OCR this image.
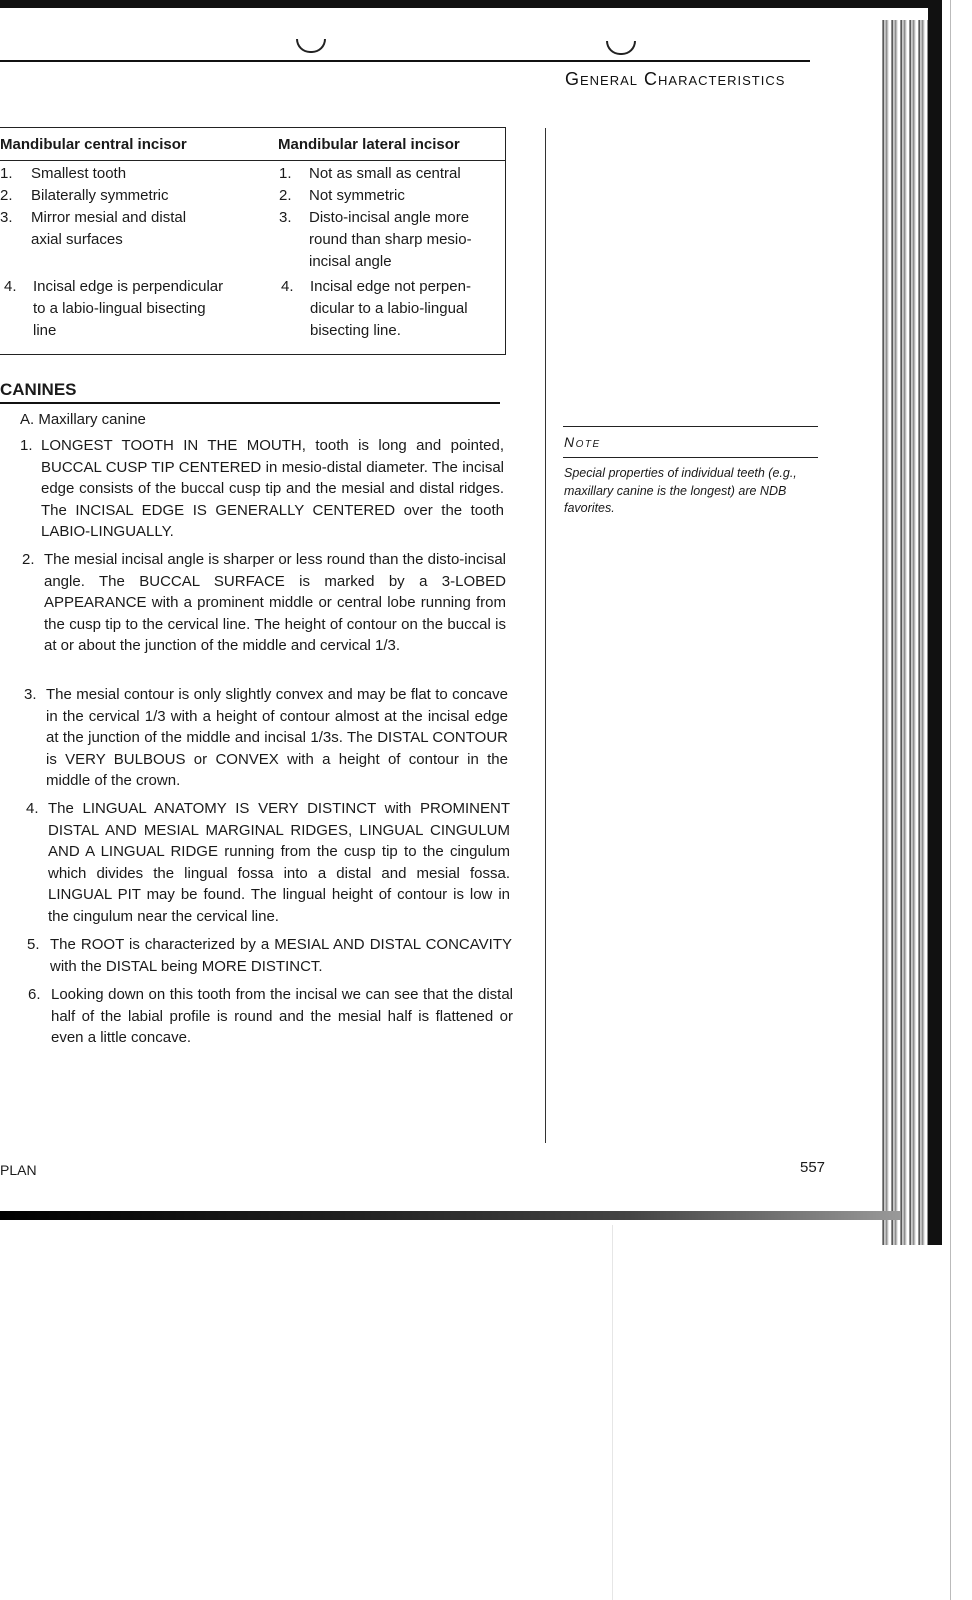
General Characteristics
Mandibular central incisor	Mandibular lateral incisor
1. Smallest tooth
2. Bilaterally symmetric
3. Mirror mesial and distal
axial surfaces
4. Incisal edge is perpendicular
to a labio-lingual bisecting
line
1. Not as small as central
2. Not symmetric
3. Disto-incisal angle more
round than sharp mesio-
incisal angle
4. Incisal edge not perpen-
dicular to a labio-lingual
bisecting line.
CANINES
A. Maxillary canine
1. LONGEST TOOTH IN THE MOUTH, tooth is long and pointed, BUCCAL CUSP TIP CENTERED in mesio-distal diameter. The incisal edge consists of the buccal cusp tip and the mesial and distal ridges. The INCISAL EDGE IS GENERALLY CENTERED over the tooth LABIO-LINGUALLY.
2. The mesial incisal angle is sharper or less round than the disto-incisal angle. The BUCCAL SURFACE is marked by a 3-LOBED APPEARANCE with a prominent middle or central lobe running from the cusp tip to the cervical line. The height of contour on the buccal is at or about the junction of the middle and cervical 1/3.
3. The mesial contour is only slightly convex and may be flat to concave in the cervical 1/3 with a height of contour almost at the incisal edge at the junction of the middle and incisal 1/3s. The DISTAL CONTOUR is VERY BULBOUS or CONVEX with a height of contour in the middle of the crown.
4. The LINGUAL ANATOMY IS VERY DISTINCT with PROMINENT DISTAL AND MESIAL MARGINAL RIDGES, LINGUAL CINGULUM AND A LINGUAL RIDGE running from the cusp tip to the cingulum which divides the lingual fossa into a distal and mesial fossa. LINGUAL PIT may be found. The lingual height of contour is low in the cingulum near the cervical line.
5. The ROOT is characterized by a MESIAL AND DISTAL CONCAVITY with the DISTAL being MORE DISTINCT.
6. Looking down on this tooth from the incisal we can see that the distal half of the labial profile is round and the mesial half is flattened or even a little concave.
Note
Special properties of individual teeth (e.g., maxillary canine is the longest) are NDB favorites.
PLAN	557
